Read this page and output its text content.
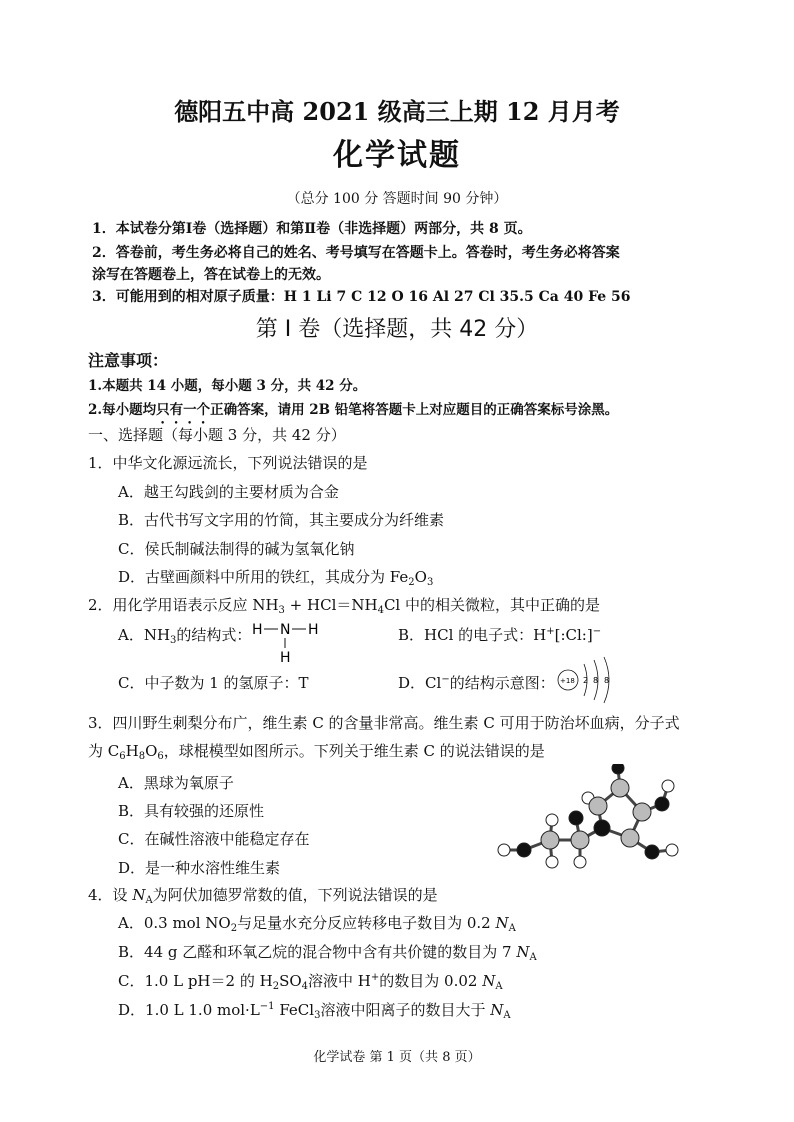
德阳五中高 2021 级高三上期 12 月月考
化学试题
（总分 100 分 答题时间 90 分钟）
1．本试卷分第Ⅰ卷（选择题）和第Ⅱ卷（非选择题）两部分，共 8 页。
2．答卷前，考生务必将自己的姓名、考号填写在答题卡上。答卷时，考生务必将答案
涂写在答题卷上，答在试卷上的无效。
3．可能用到的相对原子质量：H 1 Li 7 C 12 O 16 Al 27 Cl 35.5 Ca 40 Fe 56
第 I 卷（选择题，共 42 分）
注意事项：
1.本题共 14 小题，每小题 3 分，共 42 分。
2.每小题均只有一个正确答案，请用 2B 铅笔将答题卡上对应题目的正确答案标号涂黑。
一、选择题（每小题 3 分，共 42 分）
1．中华文化源远流长，下列说法错误的是
A．越王勾践剑的主要材质为合金
B．古代书写文字用的竹简，其主要成分为纤维素
C．侯氏制碱法制得的碱为氢氧化钠
D．古壁画颜料中所用的铁红，其成分为 $Fe_2O_3$
2．用化学用语表示反应 $NH_3 + HCl=NH_4Cl$ 中的相关微粒，其中正确的是
A．$NH_3$的结构式： H N H
H
B．HCl 的电子式：H+[:Cl:]−
C．中子数为 1 的氢原子：T	D．Cl−的结构示意图： +18 2 8 8
3．四川野生刺梨分布广，维生素 C 的含量非常高。维生素 C 可用于防治坏血病，分子式
为 $C_6H_8O_6$，球棍模型如图所示。下列关于维生素 C 的说法错误的是
A．黑球为氧原子
B．具有较强的还原性
C．在碱性溶液中能稳定存在
D．是一种水溶性维生素
4．设 $N_A$为阿伏加德罗常数的值，下列说法错误的是
A．0.3 mol $NO_2$与足量水充分反应转移电子数目为 0.2 $N_A$
B．44 g 乙醛和环氧乙烷的混合物中含有共价键的数目为 7 $N_A$
C．1.0 L pH＝2 的 $H_2SO_4$溶液中 H+的数目为 0.02 $N_A$
D．1.0 L 1.0 $mol\cdot L^{-1}$ FeCl$_3$溶液中阳离子的数目大于 $N_A$
化学试卷 第 1 页（共 8 页）
